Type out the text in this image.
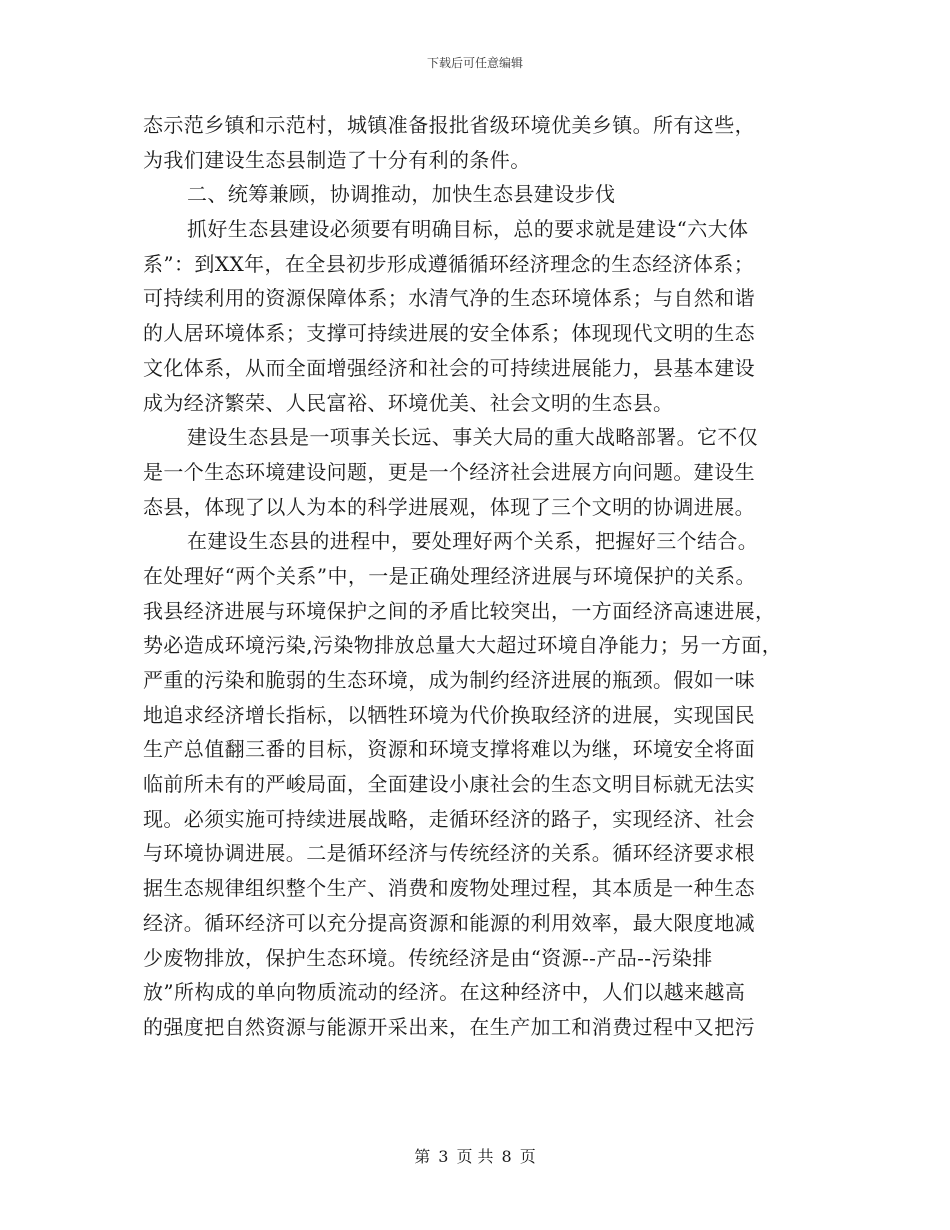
下载后可任意编辑
态示范乡镇和示范村，城镇准备报批省级环境优美乡镇。所有这些，
为我们建设生态县制造了十分有利的条件。
二、统筹兼顾，协调推动，加快生态县建设步伐
抓好生态县建设必须要有明确目标，总的要求就是建设“六大体
系”：到XX年，在全县初步形成遵循循环经济理念的生态经济体系；
可持续利用的资源保障体系；水清气净的生态环境体系；与自然和谐
的人居环境体系；支撑可持续进展的安全体系；体现现代文明的生态
文化体系，从而全面增强经济和社会的可持续进展能力，县基本建设
成为经济繁荣、人民富裕、环境优美、社会文明的生态县。
建设生态县是一项事关长远、事关大局的重大战略部署。它不仅
是一个生态环境建设问题，更是一个经济社会进展方向问题。建设生
态县，体现了以人为本的科学进展观，体现了三个文明的协调进展。
在建设生态县的进程中，要处理好两个关系，把握好三个结合。
在处理好“两个关系”中，一是正确处理经济进展与环境保护的关系。
我县经济进展与环境保护之间的矛盾比较突出，一方面经济高速进展，
势必造成环境污染,污染物排放总量大大超过环境自净能力；另一方面，
严重的污染和脆弱的生态环境，成为制约经济进展的瓶颈。假如一味
地追求经济增长指标，以牺牲环境为代价换取经济的进展，实现国民
生产总值翻三番的目标，资源和环境支撑将难以为继，环境安全将面
临前所未有的严峻局面，全面建设小康社会的生态文明目标就无法实
现。必须实施可持续进展战略，走循环经济的路子，实现经济、社会
与环境协调进展。二是循环经济与传统经济的关系。循环经济要求根
据生态规律组织整个生产、消费和废物处理过程，其本质是一种生态
经济。循环经济可以充分提高资源和能源的利用效率，最大限度地减
少废物排放，保护生态环境。传统经济是由“资源--产品--污染排
放”所构成的单向物质流动的经济。在这种经济中，人们以越来越高
的强度把自然资源与能源开采出来，在生产加工和消费过程中又把污
第 3 页 共 8 页
